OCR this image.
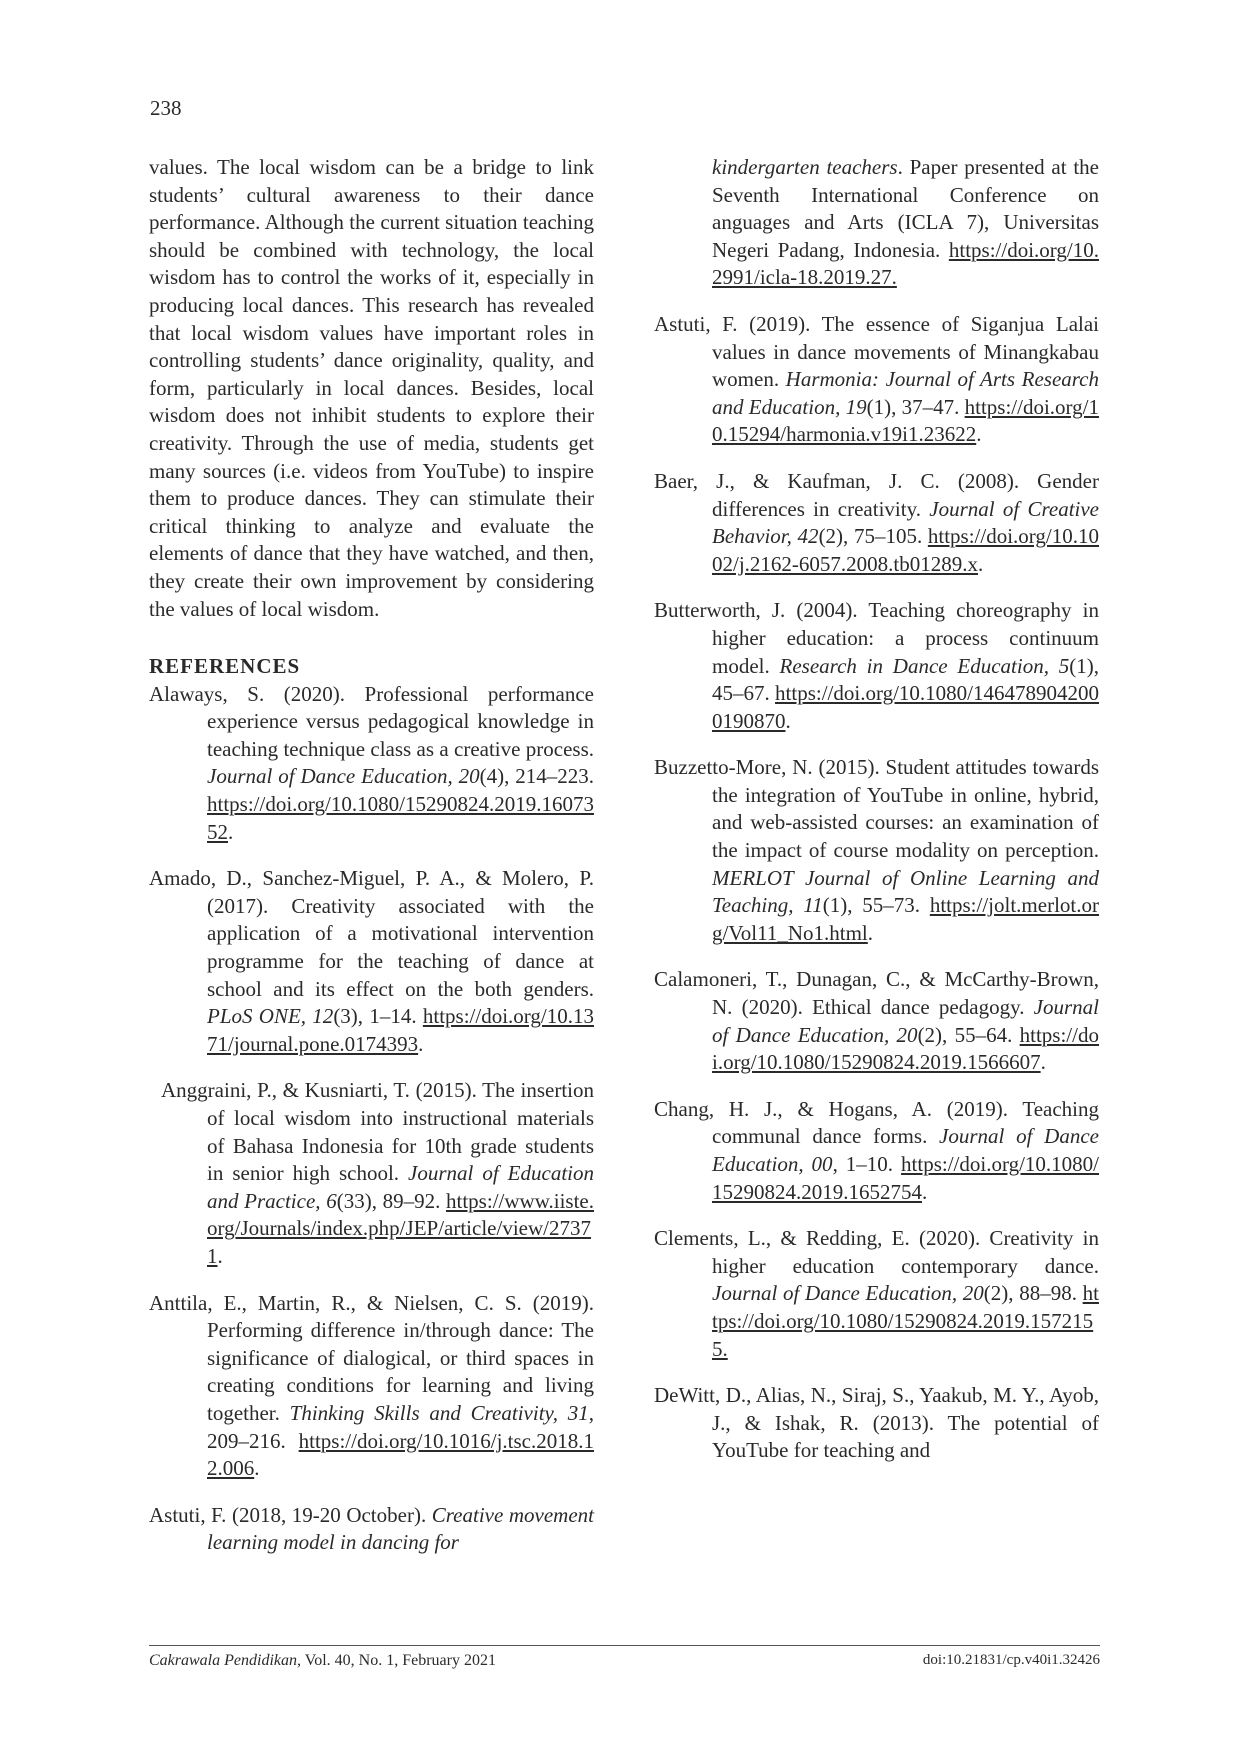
238

values. The local wisdom can be a bridge to link students’ cultural awareness to their dance performance. Although the current situation teaching should be combined with technology, the local wisdom has to control the works of it, especially in producing local dances. This research has revealed that local wisdom values have important roles in controlling students’ dance originality, quality, and form, particularly in local dances. Besides, local wisdom does not inhibit students to explore their creativity. Through the use of media, students get many sources (i.e. videos from YouTube) to inspire them to produce dances. They can stimulate their critical thinking to analyze and evaluate the elements of dance that they have watched, and then, they create their own improvement by considering the values of local wisdom.

REFERENCES

Alaways, S. (2020). Professional performance experience versus pedagogical knowledge in teaching technique class as a creative process. Journal of Dance Education, 20(4), 214–223. https://doi.org/10.1080/15290824.2019.1607352.

Amado, D., Sanchez-Miguel, P. A., & Molero, P. (2017). Creativity associated with the application of a motivational intervention programme for the teaching of dance at school and its effect on the both genders. PLoS ONE, 12(3), 1–14. https://doi.org/10.1371/journal.pone.0174393.

Anggraini, P., & Kusniarti, T. (2015). The insertion of local wisdom into instructional materials of Bahasa Indonesia for 10th grade students in senior high school. Journal of Education and Practice, 6(33), 89–92. https://www.iiste.org/Journals/index.php/JEP/article/view/27371.

Anttila, E., Martin, R., & Nielsen, C. S. (2019). Performing difference in/through dance: The significance of dialogical, or third spaces in creating conditions for learning and living together. Thinking Skills and Creativity, 31, 209–216. https://doi.org/10.1016/j.tsc.2018.12.006.

Astuti, F. (2018, 19-20 October). Creative movement learning model in dancing for

kindergarten teachers. Paper presented at the Seventh International Conference on anguages and Arts (ICLA 7), Universitas Negeri Padang, Indonesia. https://doi.org/10.2991/icla-18.2019.27.

Astuti, F. (2019). The essence of Siganjua Lalai values in dance movements of Minangkabau women. Harmonia: Journal of Arts Research and Education, 19(1), 37–47. https://doi.org/10.15294/harmonia.v19i1.23622.

Baer, J., & Kaufman, J. C. (2008). Gender differences in creativity. Journal of Creative Behavior, 42(2), 75–105. https://doi.org/10.1002/j.2162-6057.2008.tb01289.x.

Butterworth, J. (2004). Teaching choreography in higher education: a process continuum model. Research in Dance Education, 5(1), 45–67. https://doi.org/10.1080/1464789042000190870.

Buzzetto-More, N. (2015). Student attitudes towards the integration of YouTube in online, hybrid, and web-assisted courses: an examination of the impact of course modality on perception. MERLOT Journal of Online Learning and Teaching, 11(1), 55–73. https://jolt.merlot.org/Vol11_No1.html.

Calamoneri, T., Dunagan, C., & McCarthy-Brown, N. (2020). Ethical dance pedagogy. Journal of Dance Education, 20(2), 55–64. https://doi.org/10.1080/15290824.2019.1566607.

Chang, H. J., & Hogans, A. (2019). Teaching communal dance forms. Journal of Dance Education, 00, 1–10. https://doi.org/10.1080/15290824.2019.1652754.

Clements, L., & Redding, E. (2020). Creativity in higher education contemporary dance. Journal of Dance Education, 20(2), 88–98. https://doi.org/10.1080/15290824.2019.1572155.

DeWitt, D., Alias, N., Siraj, S., Yaakub, M. Y., Ayob, J., & Ishak, R. (2013). The potential of YouTube for teaching and

Cakrawala Pendidikan, Vol. 40, No. 1, February 2021	doi:10.21831/cp.v40i1.32426
